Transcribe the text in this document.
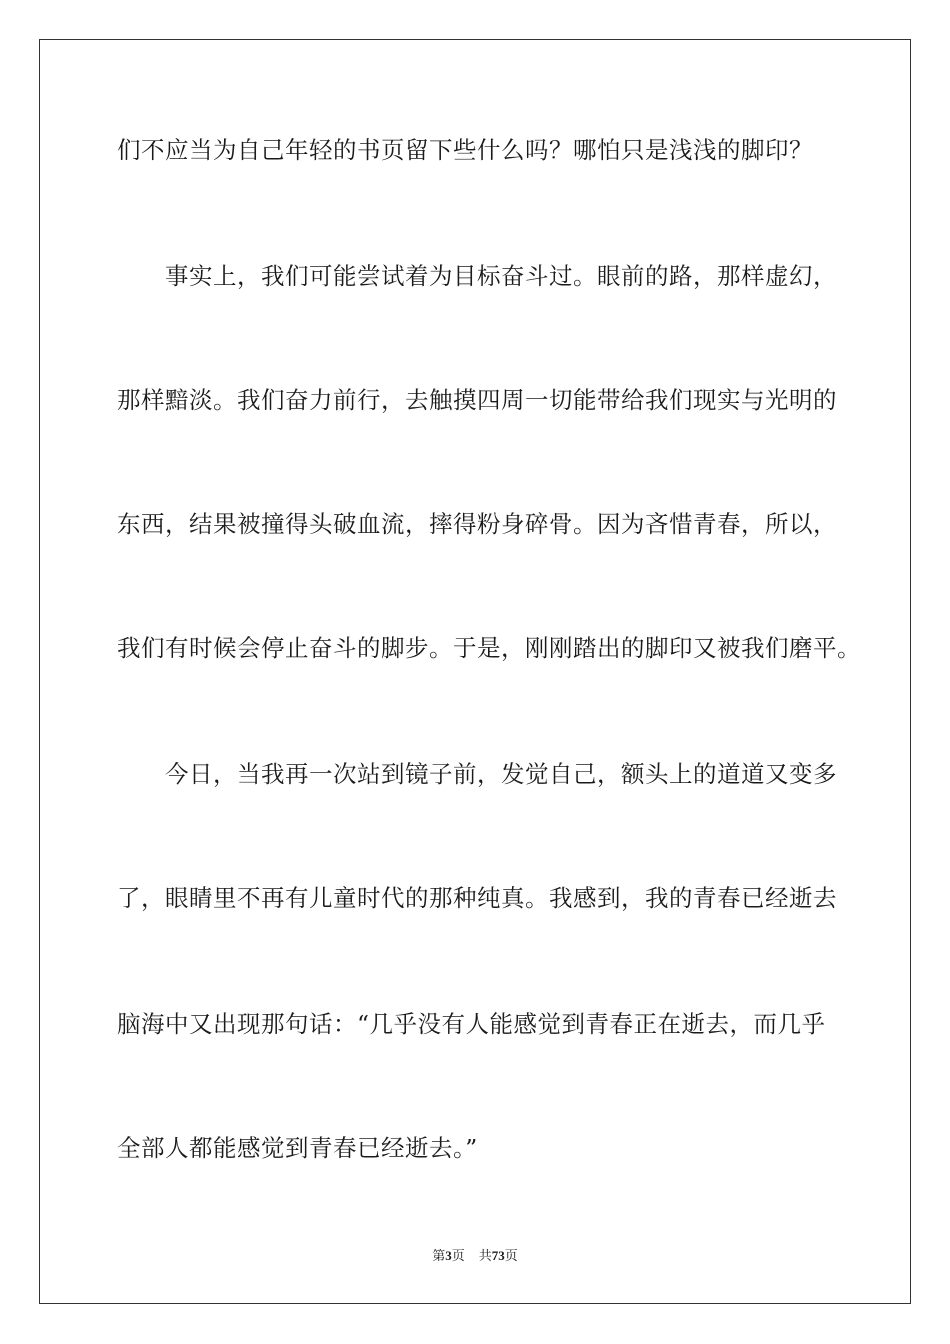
们不应当为自己年轻的书页留下些什么吗？哪怕只是浅浅的脚印？
事实上，我们可能尝试着为目标奋斗过。眼前的路，那样虚幻，
那样黯淡。我们奋力前行，去触摸四周一切能带给我们现实与光明的
东西，结果被撞得头破血流，摔得粉身碎骨。因为吝惜青春，所以，
我们有时候会停止奋斗的脚步。于是，刚刚踏出的脚印又被我们磨平。
今日，当我再一次站到镜子前，发觉自己，额头上的道道又变多
了，眼睛里不再有儿童时代的那种纯真。我感到，我的青春已经逝去
脑海中又出现那句话：“几乎没有人能感觉到青春正在逝去，而几乎
全部人都能感觉到青春已经逝去。”
第3页 共73页
